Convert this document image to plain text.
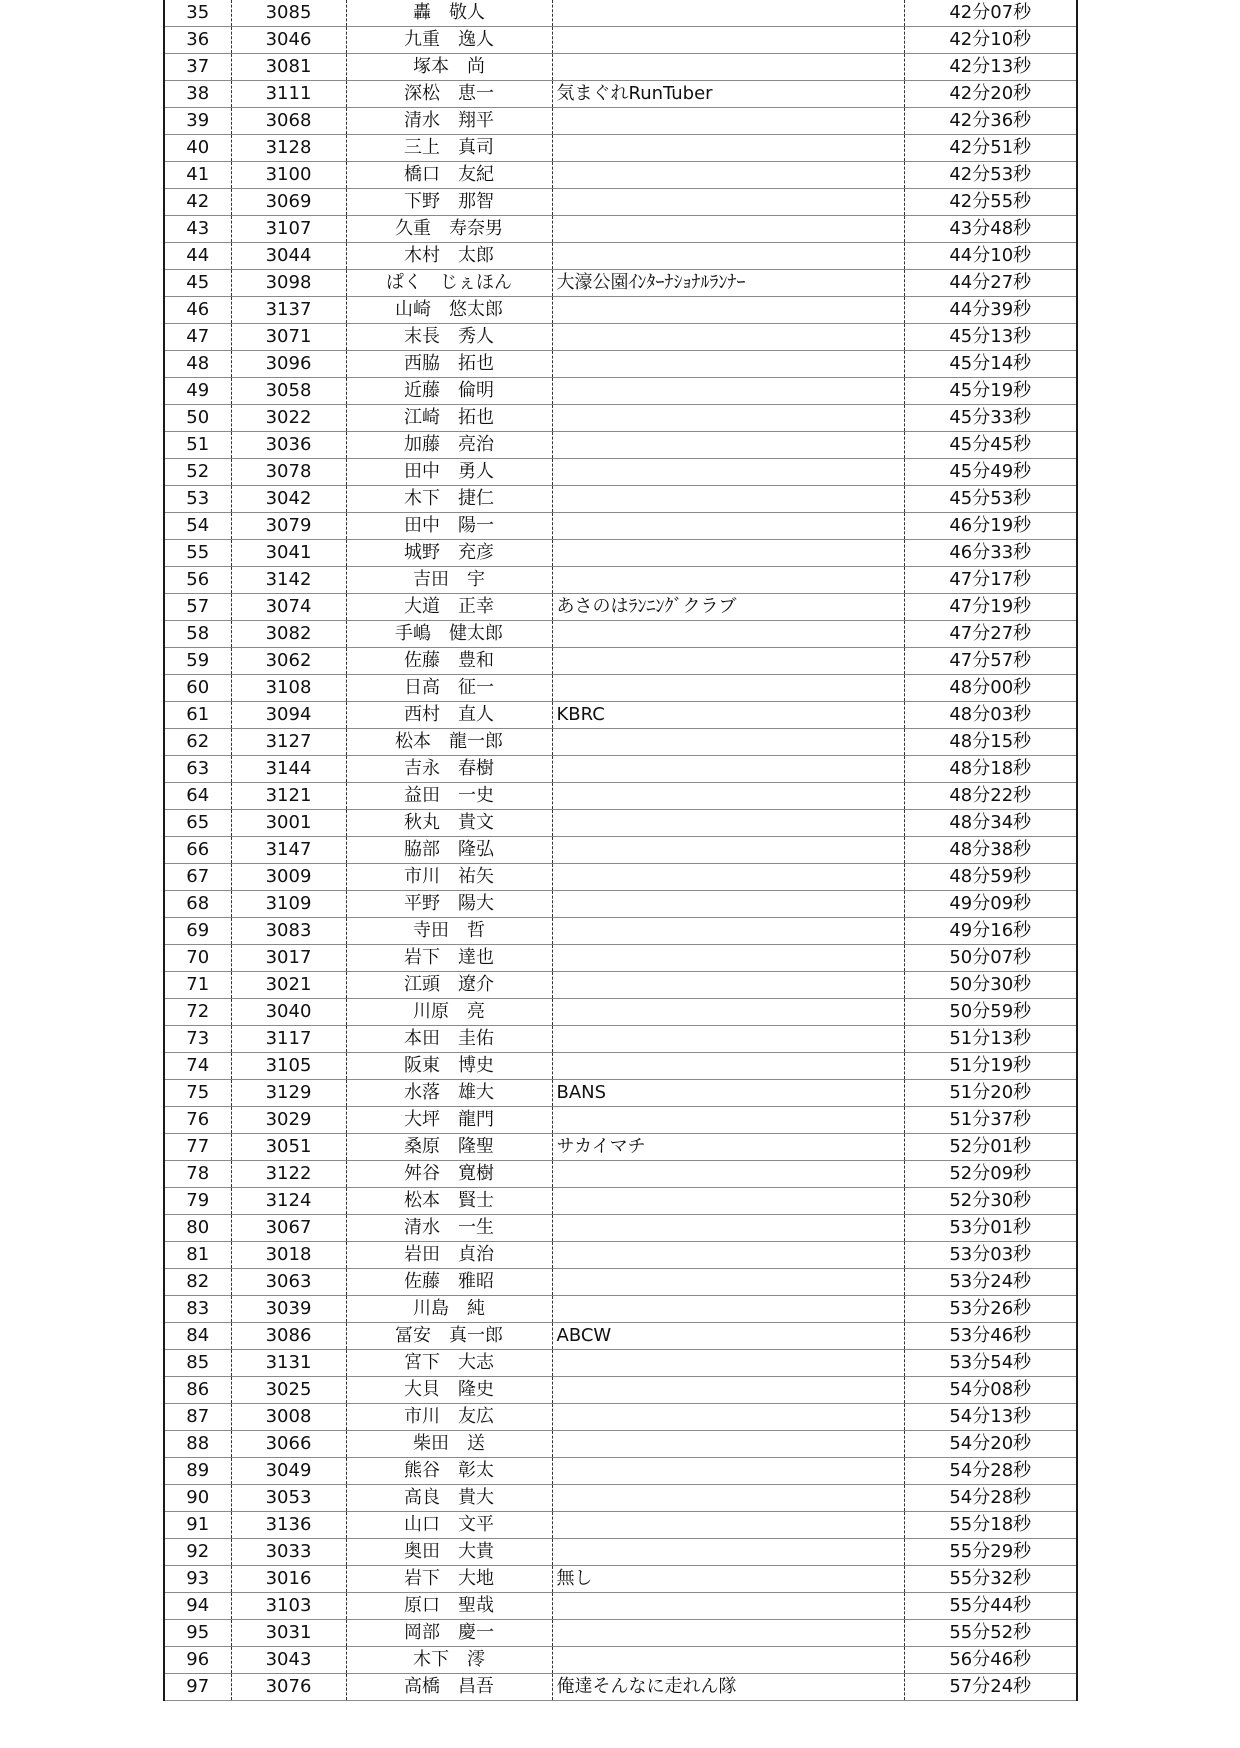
35	3085	轟　敬人		42分07秒
36	3046	九重　逸人		42分10秒
37	3081	塚本　尚		42分13秒
38	3111	深松　恵一	気まぐれRunTuber	42分20秒
39	3068	清水　翔平		42分36秒
40	3128	三上　真司		42分51秒
41	3100	橋口　友紀		42分53秒
42	3069	下野　那智		42分55秒
43	3107	久重　寿奈男		43分48秒
44	3044	木村　太郎		44分10秒
45	3098	ぱく　じぇほん	大濠公園ｲﾝﾀｰﾅｼｮﾅﾙﾗﾝﾅｰ	44分27秒
46	3137	山崎　悠太郎		44分39秒
47	3071	末長　秀人		45分13秒
48	3096	西脇　拓也		45分14秒
49	3058	近藤　倫明		45分19秒
50	3022	江崎　拓也		45分33秒
51	3036	加藤　亮治		45分45秒
52	3078	田中　勇人		45分49秒
53	3042	木下　捷仁		45分53秒
54	3079	田中　陽一		46分19秒
55	3041	城野　充彦		46分33秒
56	3142	吉田　宇		47分17秒
57	3074	大道　正幸	あさのはﾗﾝﾆﾝｸﾞクラブ	47分19秒
58	3082	手嶋　健太郎		47分27秒
59	3062	佐藤　豊和		47分57秒
60	3108	日高　征一		48分00秒
61	3094	西村　直人	KBRC	48分03秒
62	3127	松本　龍一郎		48分15秒
63	3144	吉永　春樹		48分18秒
64	3121	益田　一史		48分22秒
65	3001	秋丸　貴文		48分34秒
66	3147	脇部　隆弘		48分38秒
67	3009	市川　祐矢		48分59秒
68	3109	平野　陽大		49分09秒
69	3083	寺田　哲		49分16秒
70	3017	岩下　達也		50分07秒
71	3021	江頭　遼介		50分30秒
72	3040	川原　亮		50分59秒
73	3117	本田　圭佑		51分13秒
74	3105	阪東　博史		51分19秒
75	3129	水落　雄大	BANS	51分20秒
76	3029	大坪　龍門		51分37秒
77	3051	桑原　隆聖	サカイマチ	52分01秒
78	3122	舛谷　寛樹		52分09秒
79	3124	松本　賢士		52分30秒
80	3067	清水　一生		53分01秒
81	3018	岩田　貞治		53分03秒
82	3063	佐藤　雅昭		53分24秒
83	3039	川島　純		53分26秒
84	3086	冨安　真一郎	ABCW	53分46秒
85	3131	宮下　大志		53分54秒
86	3025	大貝　隆史		54分08秒
87	3008	市川　友広		54分13秒
88	3066	柴田　送		54分20秒
89	3049	熊谷　彰太		54分28秒
90	3053	高良　貴大		54分28秒
91	3136	山口　文平		55分18秒
92	3033	奥田　大貴		55分29秒
93	3016	岩下　大地	無し	55分32秒
94	3103	原口　聖哉		55分44秒
95	3031	岡部　慶一		55分52秒
96	3043	木下　澪		56分46秒
97	3076	高橋　昌吾	俺達そんなに走れん隊	57分24秒
